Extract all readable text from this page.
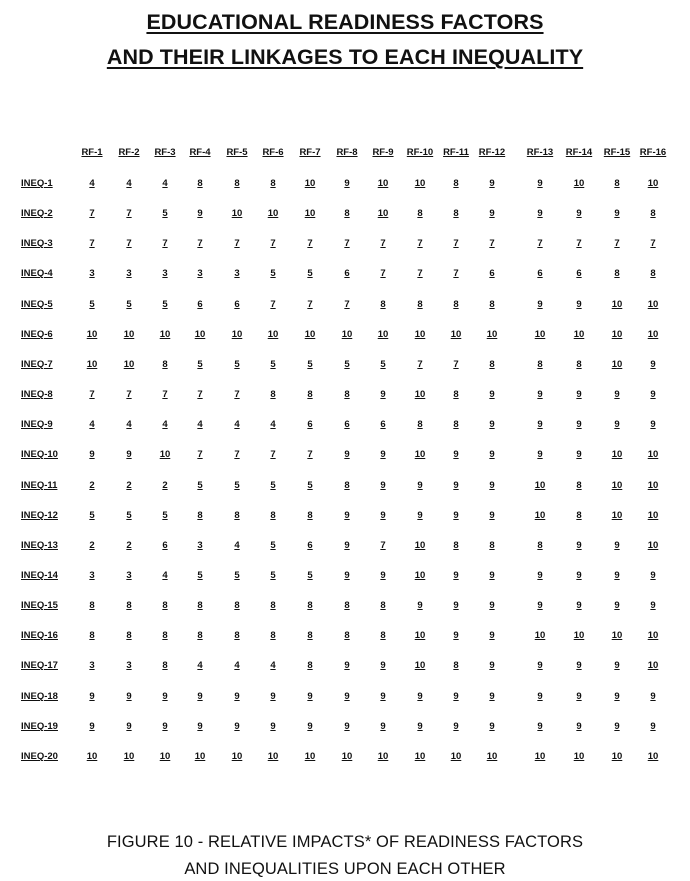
EDUCATIONAL READINESS FACTORS
AND THEIR LINKAGES TO EACH INEQUALITY
RF-1 RF-2 RF-3 RF-4 RF-5 RF-6 RF-7 RF-8 RF-9 RF-10 RF-11 RF-12 RF-13 RF-14 RF-15 RF-16
INEQ-1	4	4	4	8	8	8	10	9	10	10	8	9	9	10	8	10
INEQ-2	7	7	5	9	10	10	10	8	10	8	8	9	9	9	9	8
INEQ-3	7	7	7	7	7	7	7	7	7	7	7	7	7	7	7	7
INEQ-4	3	3	3	3	3	5	5	6	7	7	7	6	6	6	8	8
INEQ-5	5	5	5	6	6	7	7	7	8	8	8	8	9	9	10	10
INEQ-6	10	10	10	10	10	10	10	10	10	10	10	10	10	10	10	10
INEQ-7	10	10	8	5	5	5	5	5	5	7	7	8	8	8	10	9
INEQ-8	7	7	7	7	7	8	8	8	9	10	8	9	9	9	9	9
INEQ-9	4	4	4	4	4	4	6	6	6	8	8	9	9	9	9	9
INEQ-10	9	9	10	7	7	7	7	9	9	10	9	9	9	9	10	10
INEQ-11	2	2	2	5	5	5	5	8	9	9	9	9	10	8	10	10
INEQ-12	5	5	5	8	8	8	8	9	9	9	9	9	10	8	10	10
INEQ-13	2	2	6	3	4	5	6	9	7	10	8	8	8	9	9	10
INEQ-14	3	3	4	5	5	5	5	9	9	10	9	9	9	9	9	9
INEQ-15	8	8	8	8	8	8	8	8	8	9	9	9	9	9	9	9
INEQ-16	8	8	8	8	8	8	8	8	8	10	9	9	10	10	10	10
INEQ-17	3	3	8	4	4	4	8	9	9	10	8	9	9	9	9	10
INEQ-18	9	9	9	9	9	9	9	9	9	9	9	9	9	9	9	9
INEQ-19	9	9	9	9	9	9	9	9	9	9	9	9	9	9	9	9
INEQ-20	10	10	10	10	10	10	10	10	10	10	10	10	10	10	10	10
FIGURE 10 - RELATIVE IMPACTS* OF READINESS FACTORS
AND INEQUALITIES UPON EACH OTHER
